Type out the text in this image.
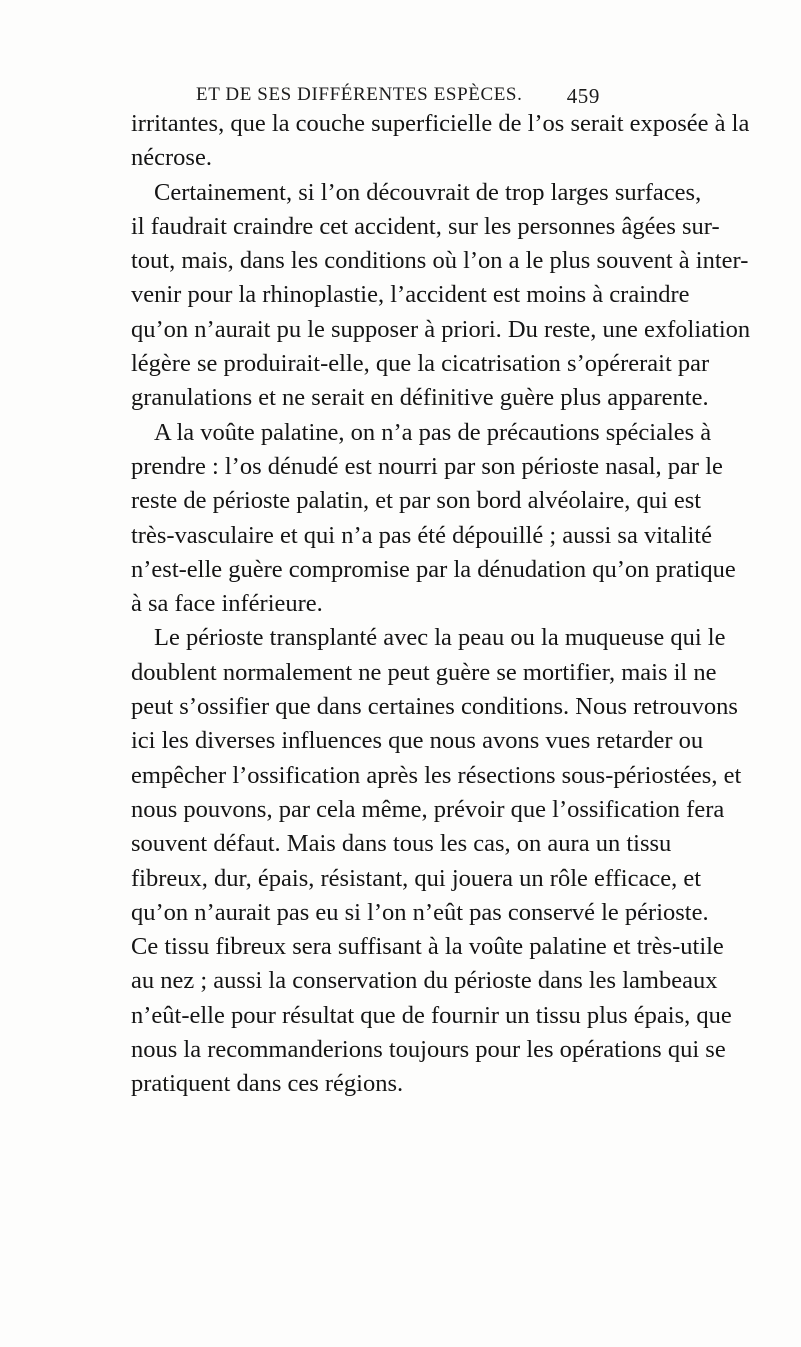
ET DE SES DIFFÉRENTES ESPÈCES. 459
irritantes, que la couche superficielle de l’os serait exposée à la
nécrose.
Certainement, si l’on découvrait de trop larges surfaces,
il faudrait craindre cet accident, sur les personnes âgées sur-
tout, mais, dans les conditions où l’on a le plus souvent à inter-
venir pour la rhinoplastie, l’accident est moins à craindre
qu’on n’aurait pu le supposer à priori. Du reste, une exfoliation
légère se produirait-elle, que la cicatrisation s’opérerait par
granulations et ne serait en définitive guère plus apparente.
A la voûte palatine, on n’a pas de précautions spéciales à
prendre : l’os dénudé est nourri par son périoste nasal, par le
reste de périoste palatin, et par son bord alvéolaire, qui est
très-vasculaire et qui n’a pas été dépouillé ; aussi sa vitalité
n’est-elle guère compromise par la dénudation qu’on pratique
à sa face inférieure.
Le périoste transplanté avec la peau ou la muqueuse qui le
doublent normalement ne peut guère se mortifier, mais il ne
peut s’ossifier que dans certaines conditions. Nous retrouvons
ici les diverses influences que nous avons vues retarder ou
empêcher l’ossification après les résections sous-périostées, et
nous pouvons, par cela même, prévoir que l’ossification fera
souvent défaut. Mais dans tous les cas, on aura un tissu
fibreux, dur, épais, résistant, qui jouera un rôle efficace, et
qu’on n’aurait pas eu si l’on n’eût pas conservé le périoste.
Ce tissu fibreux sera suffisant à la voûte palatine et très-utile
au nez ; aussi la conservation du périoste dans les lambeaux
n’eût-elle pour résultat que de fournir un tissu plus épais, que
nous la recommanderions toujours pour les opérations qui se
pratiquent dans ces régions.
